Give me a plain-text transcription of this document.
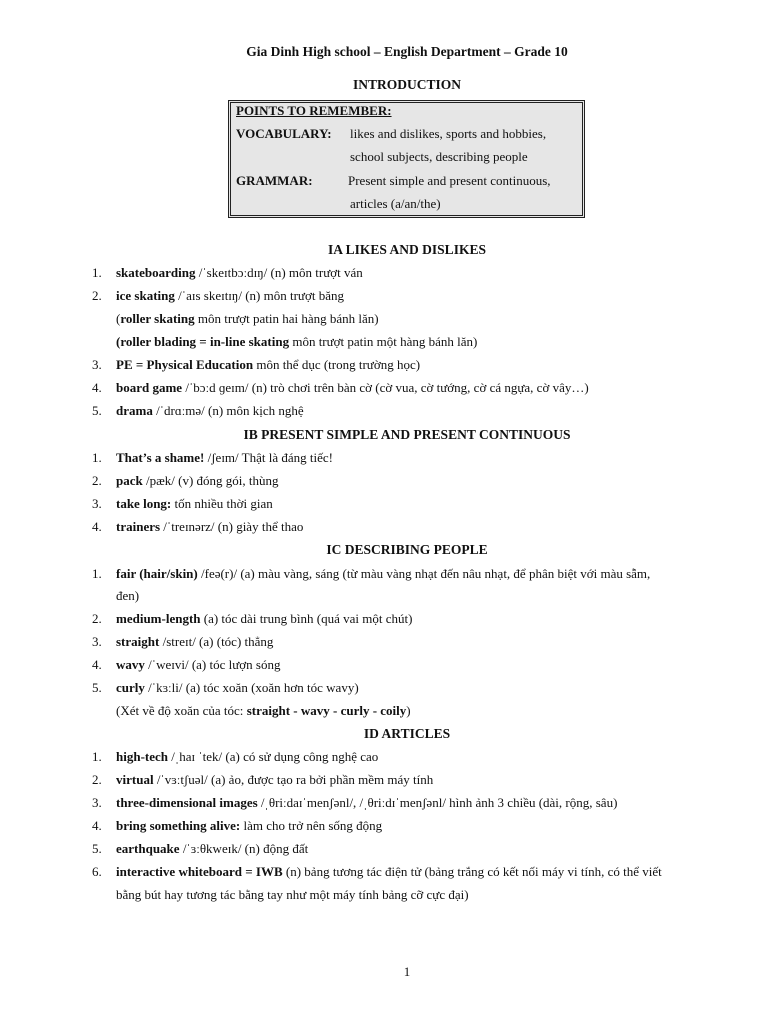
Gia Dinh High school – English Department – Grade 10
INTRODUCTION
POINTS TO REMEMBER:
VOCABULARY: likes and dislikes, sports and hobbies,
school subjects, describing people
GRAMMAR:	Present simple and present continuous,
articles (a/an/the)
IA LIKES AND DISLIKES
1. skateboarding /ˈskeɪtbɔːdɪŋ/ (n) môn trượt ván
2. ice skating /ˈaɪs skeɪtɪŋ/ (n) môn trượt băng
(roller skating môn trượt patin hai hàng bánh lăn)
(roller blading = in-line skating môn trượt patin một hàng bánh lăn)
3. PE = Physical Education môn thể dục (trong trường học)
4. board game /ˈbɔːd ɡeɪm/ (n) trò chơi trên bàn cờ (cờ vua, cờ tướng, cờ cá ngựa, cờ vây…)
5. drama /ˈdrɑːmə/ (n) môn kịch nghệ
IB PRESENT SIMPLE AND PRESENT CONTINUOUS
1. That’s a shame! /ʃeɪm/ Thật là đáng tiếc!
2. pack /pæk/ (v) đóng gói, thùng
3. take long: tốn nhiều thời gian
4. trainers /ˈtreɪnərz/ (n) giày thể thao
IC DESCRIBING PEOPLE
1. fair (hair/skin) /feə(r)/ (a) màu vàng, sáng (từ màu vàng nhạt đến nâu nhạt, để phân biệt với màu sẫm,
đen)
2. medium-length (a) tóc dài trung bình (quá vai một chút)
3. straight /streɪt/ (a) (tóc) thẳng
4. wavy /ˈweɪvi/ (a) tóc lượn sóng
5. curly /ˈkɜːli/ (a) tóc xoăn (xoăn hơn tóc wavy)
(Xét về độ xoăn của tóc: straight - wavy - curly - coily)
ID ARTICLES
1. high-tech /ˌhaɪ ˈtek/ (a) có sử dụng công nghệ cao
2. virtual /ˈvɜːtʃuəl/ (a) ảo, được tạo ra bởi phần mềm máy tính
3. three-dimensional images /ˌθriːdaɪˈmenʃənl/, /ˌθriːdɪˈmenʃənl/ hình ảnh 3 chiều (dài, rộng, sâu)
4. bring something alive: làm cho trở nên sống động
5. earthquake /ˈɜːθkweɪk/ (n) động đất
6. interactive whiteboard = IWB (n) bảng tương tác điện tử (bảng trắng có kết nối máy vi tính, có thể viết
bằng bút hay tương tác bằng tay như một máy tính bảng cỡ cực đại)
1
